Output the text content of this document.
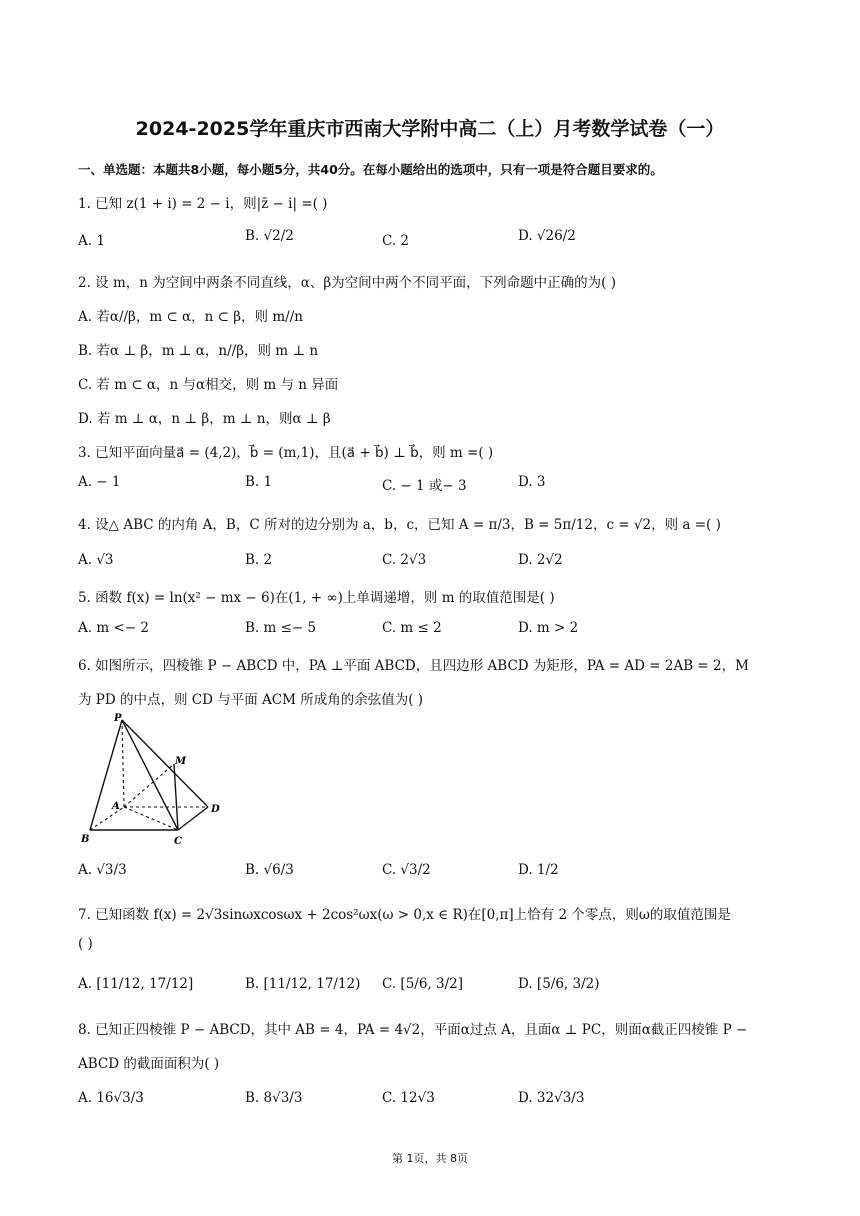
2024-2025学年重庆市西南大学附中高二（上）月考数学试卷（一）
一、单选题：本题共8小题，每小题5分，共40分。在每小题给出的选项中，只有一项是符合题目要求的。
1. 已知 z(1 + i) = 2 − i，则|z̄ − i| =( )
A. 1	B. √2/2	C. 2	D. √26/2
2. 设 m，n 为空间中两条不同直线，α、β为空间中两个不同平面，下列命题中正确的为( )
A. 若α//β，m ⊂ α，n ⊂ β，则 m//n
B. 若α ⊥ β，m ⊥ α，n//β，则 m ⊥ n
C. 若 m ⊂ α，n 与α相交，则 m 与 n 异面
D. 若 m ⊥ α，n ⊥ β，m ⊥ n，则α ⊥ β
3. 已知平面向量a⃗ = (4,2)，b⃗ = (m,1)，且(a⃗ + b⃗) ⊥ b⃗，则 m =( )
A. − 1	B. 1	C. − 1 或− 3	D. 3
4. 设△ ABC 的内角 A，B，C 所对的边分别为 a，b，c，已知 A = π/3，B = 5π/12，c = √2，则 a =( )
A. √3	B. 2	C. 2√3	D. 2√2
5. 函数 f(x) = ln(x² − mx − 6)在(1, + ∞)上单调递增，则 m 的取值范围是( )
A. m <− 2	B. m ≤− 5	C. m ≤ 2	D. m > 2
6. 如图所示，四棱锥 P − ABCD 中，PA ⊥平面 ABCD，且四边形 ABCD 为矩形，PA = AD = 2AB = 2，M
为 PD 的中点，则 CD 与平面 ACM 所成角的余弦值为( )
P
M
A	D
B	C
A. √3/3	B. √6/3	C. √3/2	D. 1/2
7. 已知函数 f(x) = 2√3sinωxcosωx + 2cos²ωx(ω > 0,x ∈ R)在[0,π]上恰有 2 个零点，则ω的取值范围是
( )
A. [11/12, 17/12]	B. [11/12, 17/12) C. [5/6, 3/2]	D. [5/6, 3/2)
8. 已知正四棱锥 P − ABCD，其中 AB = 4，PA = 4√2，平面α过点 A，且面α ⊥ PC，则面α截正四棱锥 P −
ABCD 的截面面积为( )
A. 16√3/3	B. 8√3/3	C. 12√3	D. 32√3/3
第 1页，共 8页
